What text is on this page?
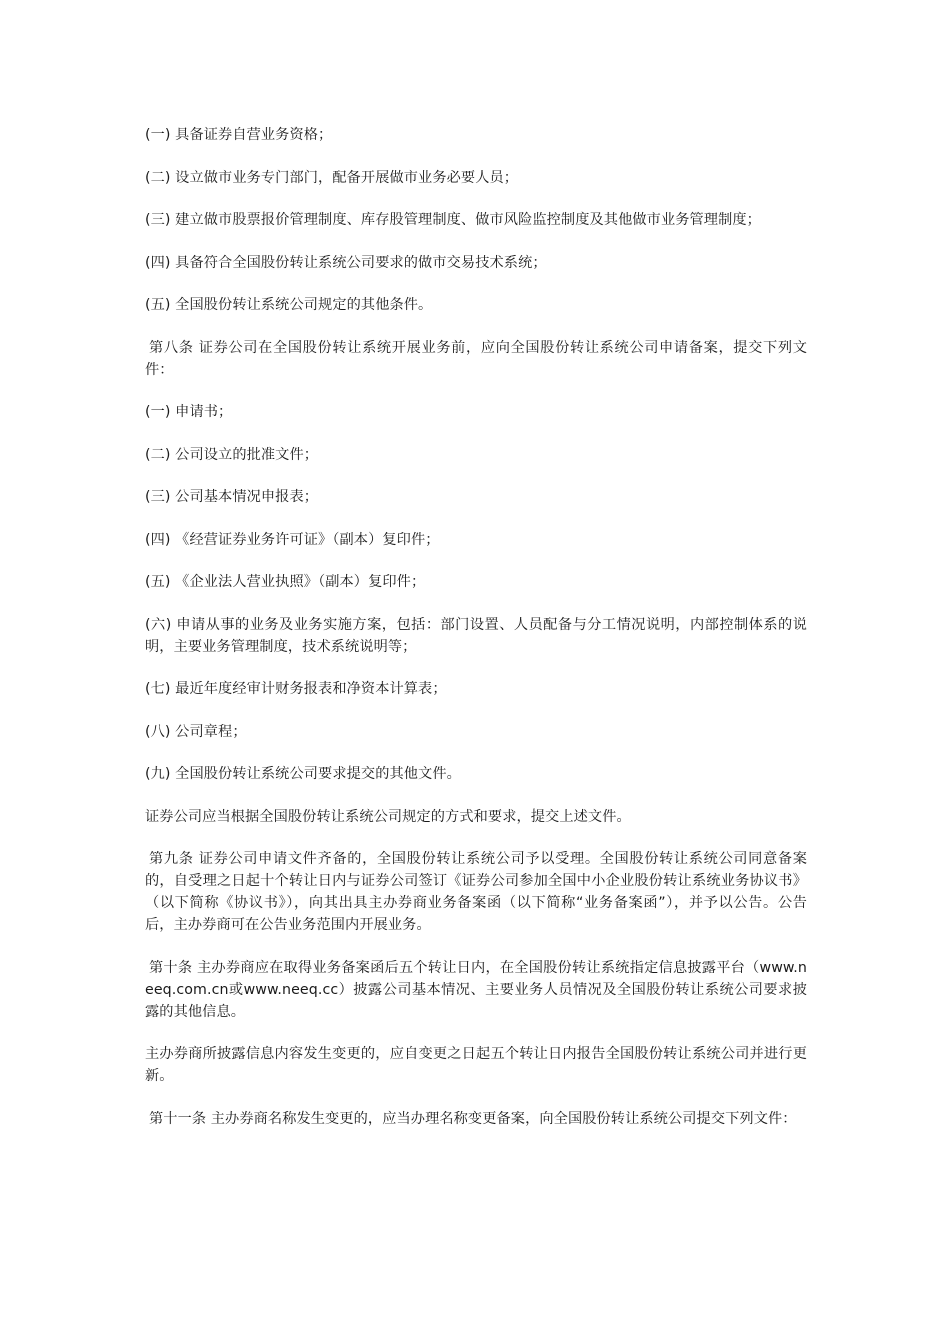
(一) 具备证券自营业务资格；

(二) 设立做市业务专门部门，配备开展做市业务必要人员；

(三) 建立做市股票报价管理制度、库存股管理制度、做市风险监控制度及其他做市业务管理制度；

(四) 具备符合全国股份转让系统公司要求的做市交易技术系统；

(五) 全国股份转让系统公司规定的其他条件。

第八条 证券公司在全国股份转让系统开展业务前，应向全国股份转让系统公司申请备案，提交下列文件：

(一) 申请书；

(二) 公司设立的批准文件；

(三) 公司基本情况申报表；

(四) 《经营证券业务许可证》（副本）复印件；

(五) 《企业法人营业执照》（副本）复印件；

(六) 申请从事的业务及业务实施方案，包括：部门设置、人员配备与分工情况说明，内部控制体系的说明，主要业务管理制度，技术系统说明等；

(七) 最近年度经审计财务报表和净资本计算表；

(八) 公司章程；

(九) 全国股份转让系统公司要求提交的其他文件。

证券公司应当根据全国股份转让系统公司规定的方式和要求，提交上述文件。

第九条 证券公司申请文件齐备的，全国股份转让系统公司予以受理。全国股份转让系统公司同意备案的，自受理之日起十个转让日内与证券公司签订《证券公司参加全国中小企业股份转让系统业务协议书》（以下简称《协议书》），向其出具主办券商业务备案函（以下简称“业务备案函”），并予以公告。公告后，主办券商可在公告业务范围内开展业务。

第十条 主办券商应在取得业务备案函后五个转让日内，在全国股份转让系统指定信息披露平台（www.neeq.com.cn或www.neeq.cc）披露公司基本情况、主要业务人员情况及全国股份转让系统公司要求披露的其他信息。

主办券商所披露信息内容发生变更的，应自变更之日起五个转让日内报告全国股份转让系统公司并进行更新。

第十一条 主办券商名称发生变更的，应当办理名称变更备案，向全国股份转让系统公司提交下列文件：
